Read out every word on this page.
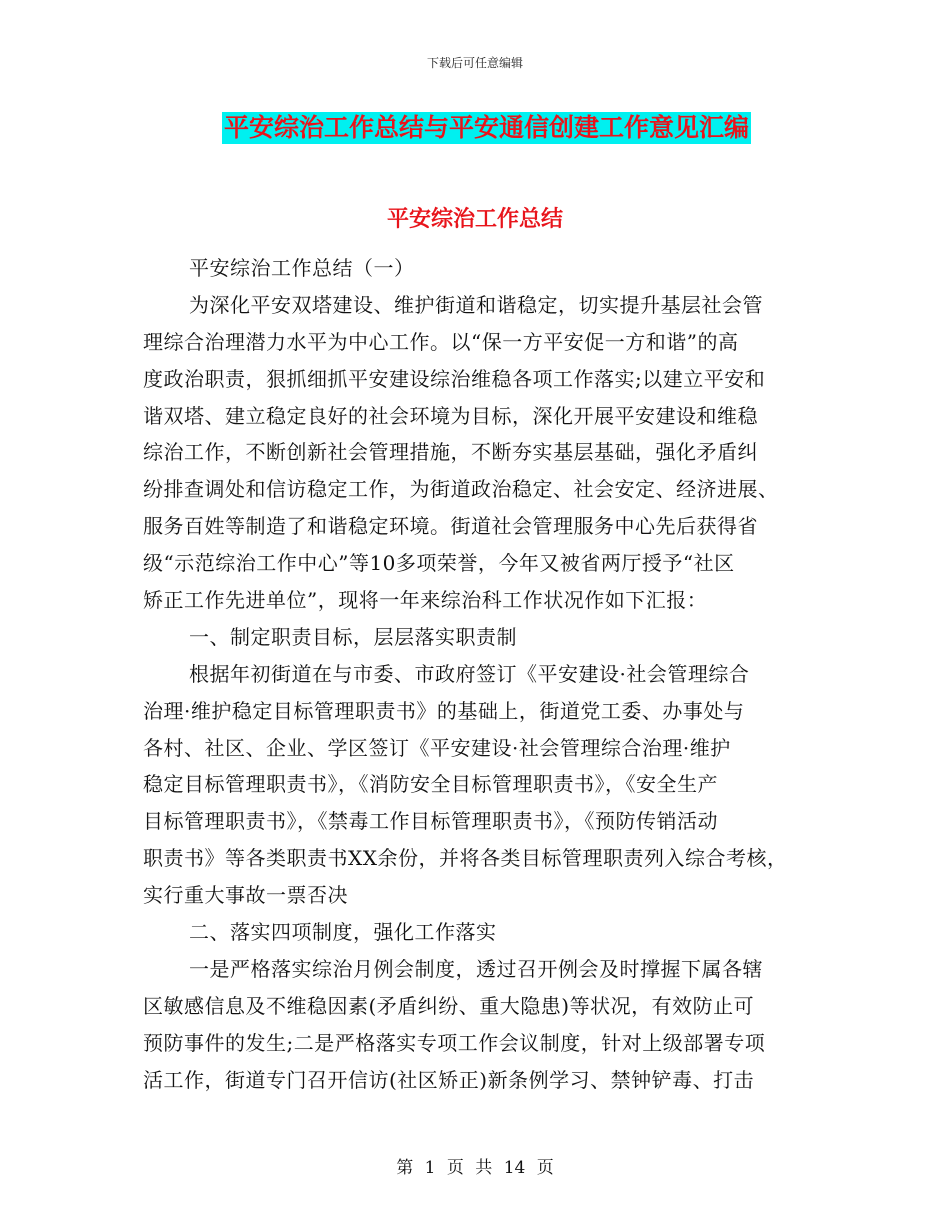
下载后可任意编辑
平安综治工作总结与平安通信创建工作意见汇编
平安综治工作总结
平安综治工作总结（一）
为深化平安双塔建设、维护街道和谐稳定，切实提升基层社会管
理综合治理潜力水平为中心工作。以“保一方平安促一方和谐”的高
度政治职责，狠抓细抓平安建设综治维稳各项工作落实;以建立平安和
谐双塔、建立稳定良好的社会环境为目标，深化开展平安建设和维稳
综治工作，不断创新社会管理措施，不断夯实基层基础，强化矛盾纠
纷排查调处和信访稳定工作，为街道政治稳定、社会安定、经济进展、
服务百姓等制造了和谐稳定环境。街道社会管理服务中心先后获得省
级“示范综治工作中心”等10多项荣誉，今年又被省两厅授予“社区
矫正工作先进单位”，现将一年来综治科工作状况作如下汇报：
一、制定职责目标，层层落实职责制
根据年初街道在与市委、市政府签订《平安建设·社会管理综合
治理·维护稳定目标管理职责书》的基础上，街道党工委、办事处与
各村、社区、企业、学区签订《平安建设·社会管理综合治理·维护
稳定目标管理职责书》，《消防安全目标管理职责书》，《安全生产
目标管理职责书》，《禁毒工作目标管理职责书》，《预防传销活动
职责书》等各类职责书XX余份，并将各类目标管理职责列入综合考核，
实行重大事故一票否决
二、落实四项制度，强化工作落实
一是严格落实综治月例会制度，透过召开例会及时撑握下属各辖
区敏感信息及不维稳因素(矛盾纠纷、重大隐患)等状况，有效防止可
预防事件的发生;二是严格落实专项工作会议制度，针对上级部署专项
活工作，街道专门召开信访(社区矫正)新条例学习、禁钟铲毒、打击
第 1 页 共 14 页
